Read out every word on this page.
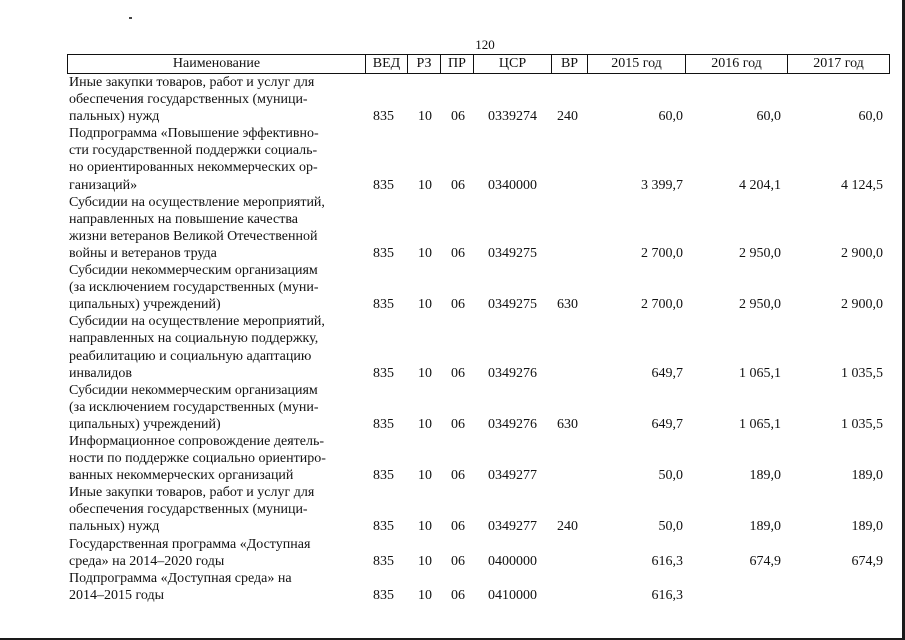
120
Наименование	ВЕД	РЗ	ПР	ЦСР	ВР	2015 год	2016 год	2017 год
Иные закупки товаров, работ и услуг для
обеспечения государственных (муници-
пальных) нужд	835 10 06 0339274 240	60,0	60,0	60,0
Подпрограмма «Повышение эффективно-
сти государственной поддержки социаль-
но ориентированных некоммерческих ор-
ганизаций»	835 10 06 0340000	3 399,7	4 204,1	4 124,5
Субсидии на осуществление мероприятий,
направленных на повышение качества
жизни ветеранов Великой Отечественной
войны и ветеранов труда	835 10 06 0349275	2 700,0	2 950,0	2 900,0
Субсидии некоммерческим организациям
(за исключением государственных (муни-
ципальных) учреждений)	835 10 06 0349275 630	2 700,0	2 950,0	2 900,0
Субсидии на осуществление мероприятий,
направленных на социальную поддержку,
реабилитацию и социальную адаптацию
инвалидов	835 10 06 0349276	649,7	1 065,1	1 035,5
Субсидии некоммерческим организациям
(за исключением государственных (муни-
ципальных) учреждений)	835 10 06 0349276 630	649,7	1 065,1	1 035,5
Информационное сопровождение деятель-
ности по поддержке социально ориентиро-
ванных некоммерческих организаций	835 10 06 0349277	50,0	189,0	189,0
Иные закупки товаров, работ и услуг для
обеспечения государственных (муници-
пальных) нужд	835 10 06 0349277 240	50,0	189,0	189,0
Государственная программа «Доступная
среда» на 2014–2020 годы	835 10 06 0400000	616,3	674,9	674,9
Подпрограмма «Доступная среда» на
2014–2015 годы	835 10 06 0410000	616,3
